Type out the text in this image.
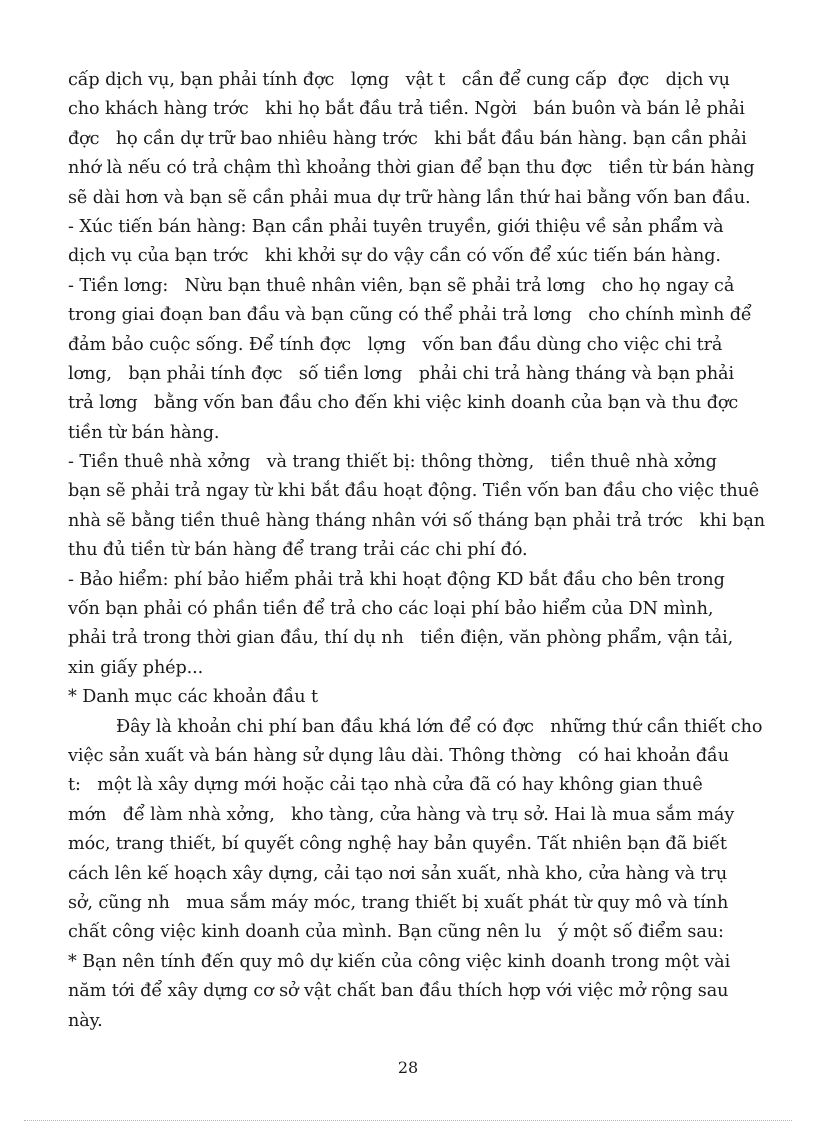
cấp dịch vụ, bạn phải tính đợc   lợng   vật t   cần để cung cấp  đợc   dịch vụ
cho khách hàng trớc   khi họ bắt đầu trả tiền. Ngời   bán buôn và bán lẻ phải
đợc   họ cần dự trữ bao nhiêu hàng trớc   khi bắt đầu bán hàng. bạn cần phải
nhớ là nếu có trả chậm thì khoảng thời gian để bạn thu đợc   tiền từ bán hàng
sẽ dài hơn và bạn sẽ cần phải mua dự trữ hàng lần thứ hai bằng vốn ban đầu.
- Xúc tiến bán hàng: Bạn cần phải tuyên truyền, giới thiệu về sản phẩm và
dịch vụ của bạn trớc   khi khởi sự do vậy cần có vốn để xúc tiến bán hàng.
- Tiền lơng:   Nừu bạn thuê nhân viên, bạn sẽ phải trả lơng   cho họ ngay cả
trong giai đoạn ban đầu và bạn cũng có thể phải trả lơng   cho chính mình để
đảm bảo cuộc sống. Để tính đợc   lợng   vốn ban đầu dùng cho việc chi trả
lơng,   bạn phải tính đợc   số tiền lơng   phải chi trả hàng tháng và bạn phải
trả lơng   bằng vốn ban đầu cho đến khi việc kinh doanh của bạn và thu đợc
tiền từ bán hàng.
- Tiền thuê nhà xởng   và trang thiết bị: thông thờng,   tiền thuê nhà xởng
bạn sẽ phải trả ngay từ khi bắt đầu hoạt động. Tiền vốn ban đầu cho việc thuê
nhà sẽ bằng tiền thuê hàng tháng nhân với số tháng bạn phải trả trớc   khi bạn
thu đủ tiền từ bán hàng để trang trải các chi phí đó.
- Bảo hiểm: phí bảo hiểm phải trả khi hoạt động KD bắt đầu cho bên trong
vốn bạn phải có phần tiền để trả cho các loại phí bảo hiểm của DN mình,
phải trả trong thời gian đầu, thí dụ nh   tiền điện, văn phòng phẩm, vận tải,
xin giấy phép...
* Danh mục các khoản đầu t
Đây là khoản chi phí ban đầu khá lớn để có đợc   những thứ cần thiết cho
việc sản xuất và bán hàng sử dụng lâu dài. Thông thờng   có hai khoản đầu
t:   một là xây dựng mới hoặc cải tạo nhà cửa đã có hay không gian thuê
mớn   để làm nhà xởng,   kho tàng, cửa hàng và trụ sở. Hai là mua sắm máy
móc, trang thiết, bí quyết công nghệ hay bản quyền. Tất nhiên bạn đã biết
cách lên kế hoạch xây dựng, cải tạo nơi sản xuất, nhà kho, cửa hàng và trụ
sở, cũng nh   mua sắm máy móc, trang thiết bị xuất phát từ quy mô và tính
chất công việc kinh doanh của mình. Bạn cũng nên lu   ý một số điểm sau:
* Bạn nên tính đến quy mô dự kiến của công việc kinh doanh trong một vài
năm tới để xây dựng cơ sở vật chất ban đầu thích hợp với việc mở rộng sau
này.
28
